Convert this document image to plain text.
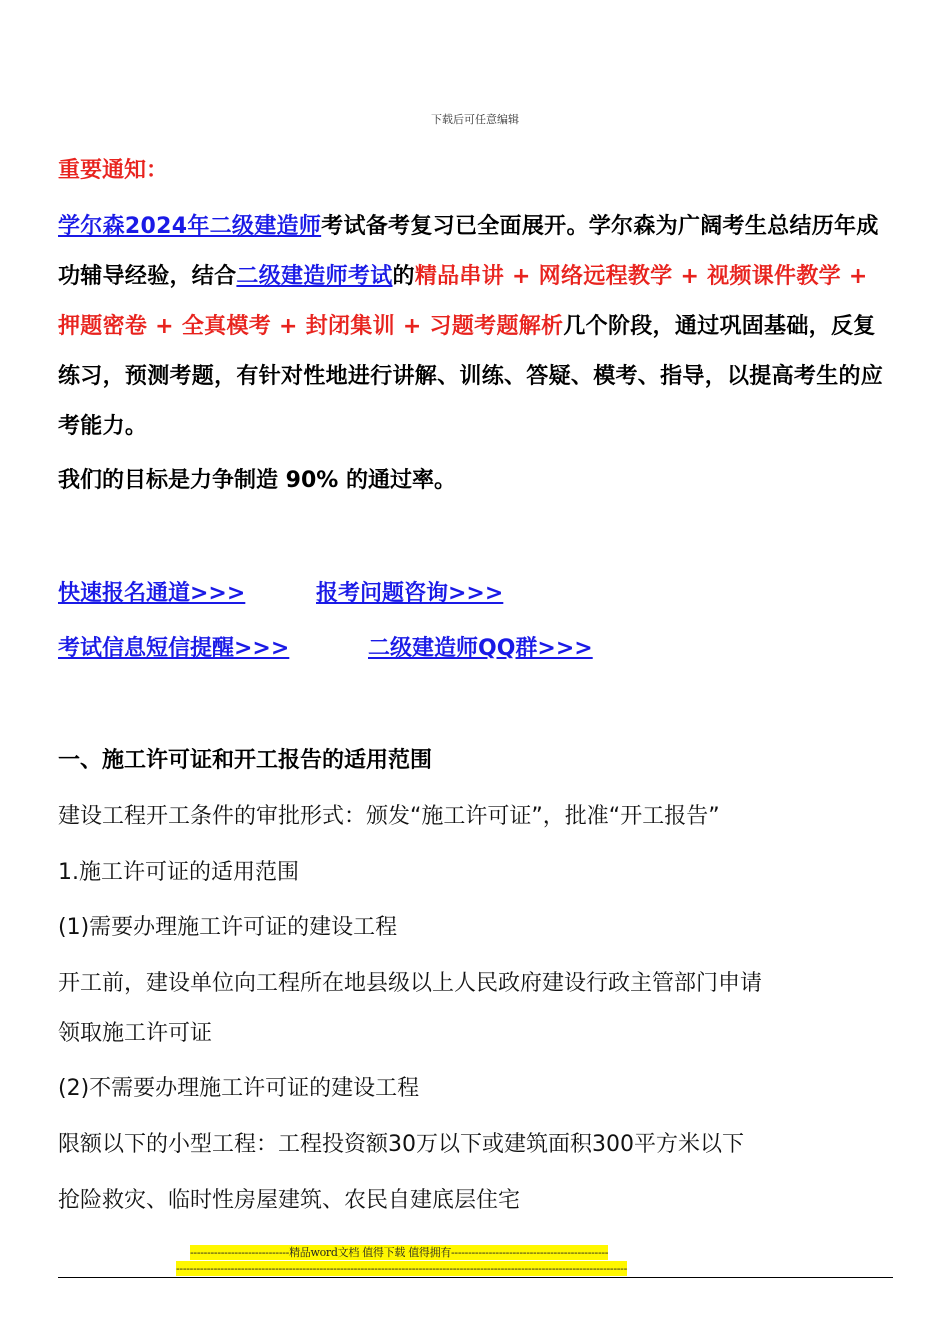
下载后可任意编辑
重要通知：
学尔森2024年二级建造师考试备考复习已全面展开。学尔森为广阔考生总结历年成功辅导经验，结合二级建造师考试的精品串讲 + 网络远程教学 + 视频课件教学 + 押题密卷 + 全真模考 + 封闭集训 + 习题考题解析几个阶段，通过巩固基础，反复练习，预测考题，有针对性地进行讲解、训练、答疑、模考、指导，以提高考生的应考能力。
我们的目标是力争制造 90% 的通过率。
快速报名通道>>>	报考问题咨询>>>
考试信息短信提醒>>>	二级建造师QQ群>>>
一、施工许可证和开工报告的适用范围
建设工程开工条件的审批形式：颁发“施工许可证”，批准“开工报告”
1.施工许可证的适用范围
(1)需要办理施工许可证的建设工程
开工前，建设单位向工程所在地县级以上人民政府建设行政主管部门申请
领取施工许可证
(2)不需要办理施工许可证的建设工程
限额以下的小型工程：工程投资额30万以下或建筑面积300平方米以下
抢险救灾、临时性房屋建筑、农民自建底层住宅
-----------------------------精品word文档 值得下载 值得拥有----------------------------------------------
------------------------------------------------------------------------------------------------------------------------------------
